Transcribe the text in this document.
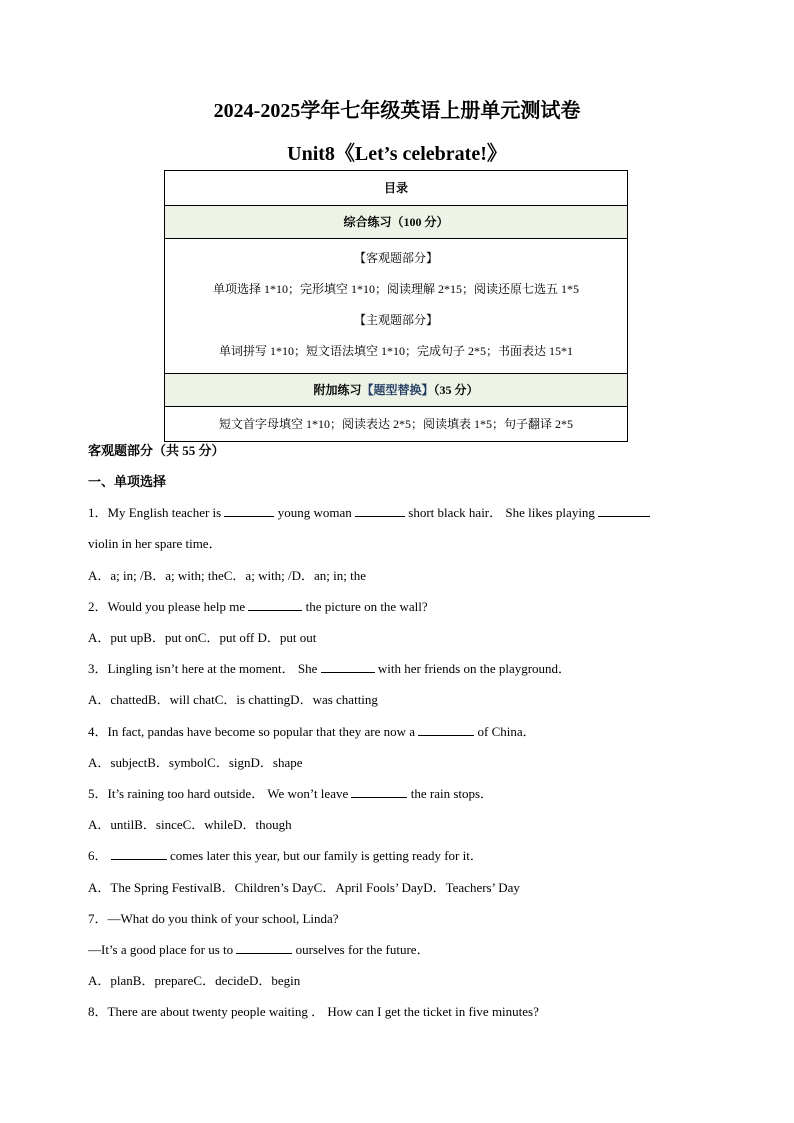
2024-2025学年七年级英语上册单元测试卷
Unit8《Let’s celebrate!》
目录
综合练习（100 分）
【客观题部分】
单项选择 1*10；完形填空 1*10；阅读理解 2*15；阅读还原七选五 1*5
【主观题部分】
单词拼写 1*10；短文语法填空 1*10；完成句子 2*5；书面表达 15*1
附加练习【题型替换】（35 分）
短文首字母填空 1*10；阅读表达 2*5；阅读填表 1*5；句子翻译 2*5
客观题部分（共 55 分）
一、单项选择
1．My English teacher is	young woman	short black hair． She likes playing
violin in her spare time．
A．a; in; /B．a; with; theC．a; with; /D．an; in; the
2．Would you please help me	the picture on the wall?
A．put upB．put onC．put off D．put out
3．Lingling isn’t here at the moment． She	with her friends on the playground．
A．chattedB．will chatC．is chattingD．was chatting
4．In fact, pandas have become so popular that they are now a	of China．
A．subjectB．symbolC．signD．shape
5．It’s raining too hard outside． We won’t leave	the rain stops．
A．untilB．sinceC．whileD．though
6．	comes later this year, but our family is getting ready for it．
A．The Spring FestivalB．Children’s DayC．April Fools’ DayD．Teachers’ Day
7．—What do you think of your school, Linda?
—It’s a good place for us to	ourselves for the future．
A．planB．prepareC．decideD．begin
8．There are about twenty people waiting ． How can I get the ticket in five minutes?
